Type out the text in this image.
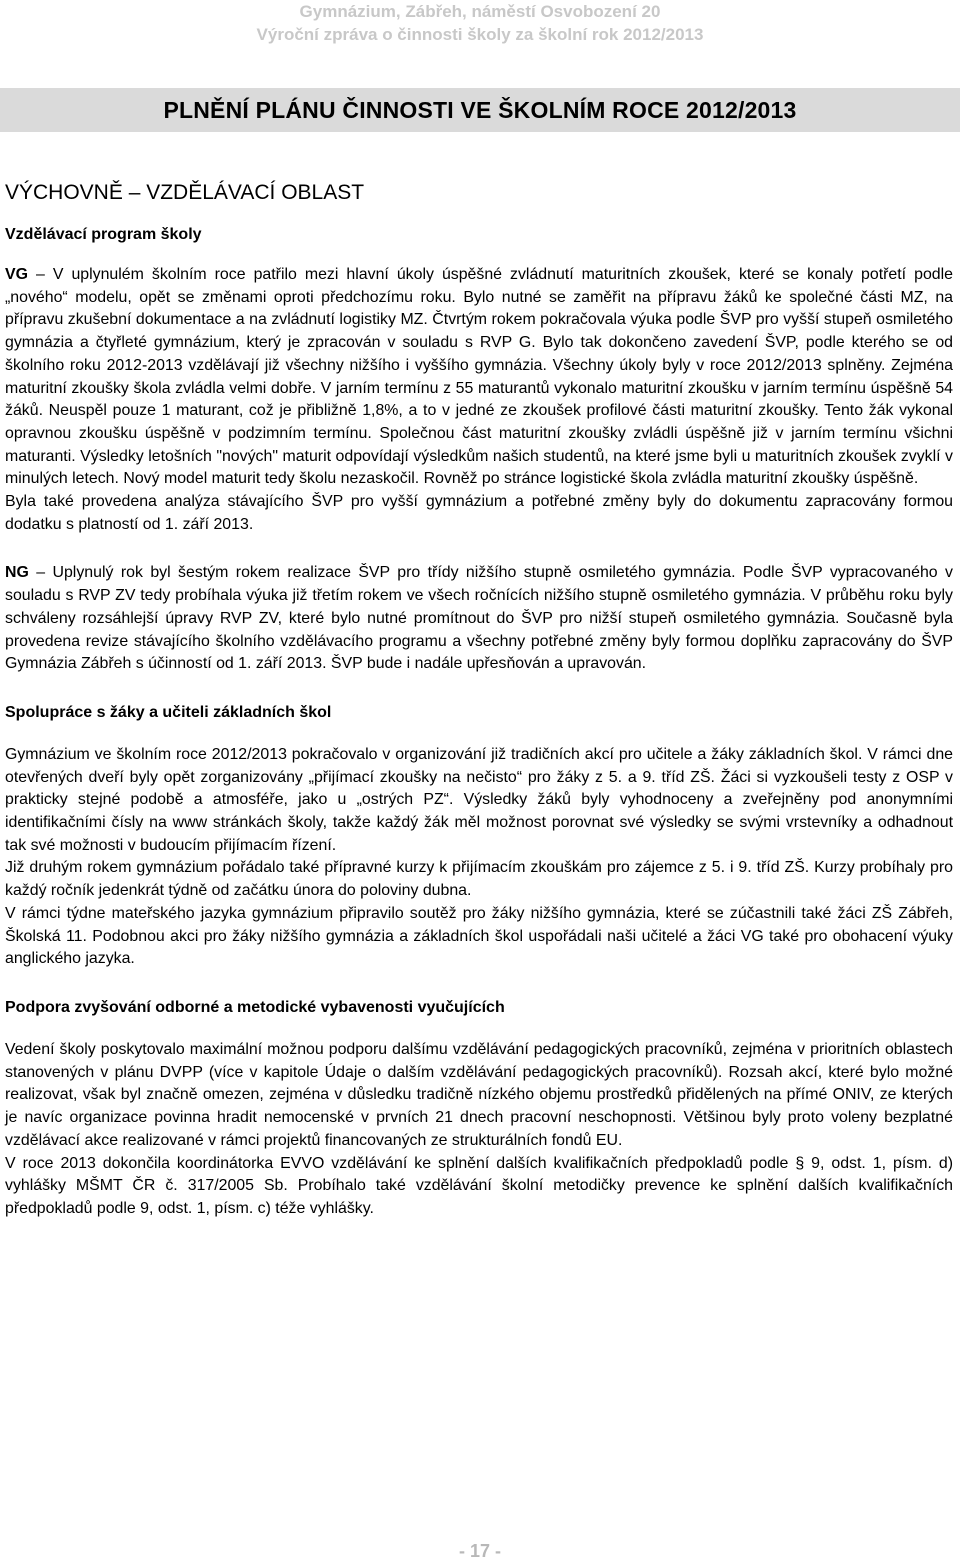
Gymnázium, Zábřeh, náměstí Osvobození 20
Výroční zpráva o činnosti školy za školní rok 2012/2013
PLNĚNÍ PLÁNU ČINNOSTI VE ŠKOLNÍM ROCE 2012/2013
VÝCHOVNĚ – VZDĚLÁVACÍ OBLAST
Vzdělávací program školy

VG – V uplynulém školním roce patřilo mezi hlavní úkoly úspěšné zvládnutí maturitních zkoušek, které se konaly potřetí podle „nového“ modelu, opět se změnami oproti předchozímu roku. Bylo nutné se zaměřit na přípravu žáků ke společné části MZ, na přípravu zkušební dokumentace a na zvládnutí logistiky MZ. Čtvrtým rokem pokračovala výuka podle ŠVP pro vyšší stupeň osmiletého gymnázia a čtyřleté gymnázium, který je zpracován v souladu s RVP G. Bylo tak dokončeno zavedení ŠVP, podle kterého se od školního roku 2012-2013 vzdělávají již všechny nižšího i vyššího gymnázia. Všechny úkoly byly v roce 2012/2013 splněny. Zejména maturitní zkoušky škola zvládla velmi dobře. V jarním termínu z 55 maturantů vykonalo maturitní zkoušku v jarním termínu úspěšně 54 žáků. Neuspěl pouze 1 maturant, což je přibližně 1,8%, a to v jedné ze zkoušek profilové části maturitní zkoušky. Tento žák vykonal opravnou zkoušku úspěšně v podzimním termínu. Společnou část maturitní zkoušky zvládli úspěšně již v jarním termínu všichni maturanti. Výsledky letošních "nových" maturit odpovídají výsledkům našich studentů, na které jsme byli u maturitních zkoušek zvyklí v minulých letech. Nový model maturit tedy školu nezaskočil. Rovněž po stránce logistické škola zvládla maturitní zkoušky úspěšně.

Byla také provedena analýza stávajícího ŠVP pro vyšší gymnázium a potřebné změny byly do dokumentu zapracovány formou dodatku s platností od 1. září 2013.

NG – Uplynulý rok byl šestým rokem realizace ŠVP pro třídy nižšího stupně osmiletého gymnázia. Podle ŠVP vypracovaného v souladu s RVP ZV tedy probíhala výuka již třetím rokem ve všech ročnících nižšího stupně osmiletého gymnázia. V průběhu roku byly schváleny rozsáhlejší úpravy RVP ZV, které bylo nutné promítnout do ŠVP pro nižší stupeň osmiletého gymnázia. Současně byla provedena revize stávajícího školního vzdělávacího programu a všechny potřebné změny byly formou doplňku zapracovány do ŠVP Gymnázia Zábřeh s účinností od 1. září 2013. ŠVP bude i nadále upřesňován a upravován.

Spolupráce s žáky a učiteli základních škol

Gymnázium ve školním roce 2012/2013 pokračovalo v organizování již tradičních akcí pro učitele a žáky základních škol. V rámci dne otevřených dveří byly opět zorganizovány „přijímací zkoušky na nečisto“ pro žáky z 5. a 9. tříd ZŠ. Žáci si vyzkoušeli testy z OSP v prakticky stejné podobě a atmosféře, jako u „ostrých PZ“. Výsledky žáků byly vyhodnoceny a zveřejněny pod anonymními identifikačními čísly na www stránkách školy, takže každý žák měl možnost porovnat své výsledky se svými vrstevníky a odhadnout tak své možnosti v budoucím přijímacím řízení.

Již druhým rokem gymnázium pořádalo také přípravné kurzy k přijímacím zkouškám pro zájemce z 5. i 9. tříd ZŠ. Kurzy probíhaly pro každý ročník jedenkrát týdně od začátku února do poloviny dubna.

V rámci týdne mateřského jazyka gymnázium připravilo soutěž pro žáky nižšího gymnázia, které se zúčastnili také žáci ZŠ Zábřeh, Školská 11. Podobnou akci pro žáky nižšího gymnázia a základních škol uspořádali naši učitelé a žáci VG také pro obohacení výuky anglického jazyka.

Podpora zvyšování odborné a metodické vybavenosti vyučujících

Vedení školy poskytovalo maximální možnou podporu dalšímu vzdělávání pedagogických pracovníků, zejména v prioritních oblastech stanovených v plánu DVPP (více v kapitole Údaje o dalším vzdělávání pedagogických pracovníků). Rozsah akcí, které bylo možné realizovat, však byl značně omezen, zejména v důsledku tradičně nízkého objemu prostředků přidělených na přímé ONIV, ze kterých je navíc organizace povinna hradit nemocenské v prvních 21 dnech pracovní neschopnosti. Většinou byly proto voleny bezplatné vzdělávací akce realizované v rámci projektů financovaných ze strukturálních fondů EU.

V roce 2013 dokončila koordinátorka EVVO vzdělávání ke splnění dalších kvalifikačních předpokladů podle § 9, odst. 1, písm. d) vyhlášky MŠMT ČR č. 317/2005 Sb. Probíhalo také vzdělávání školní metodičky prevence ke splnění dalších kvalifikačních předpokladů podle 9, odst. 1, písm. c) téže vyhlášky.

- 17 -
